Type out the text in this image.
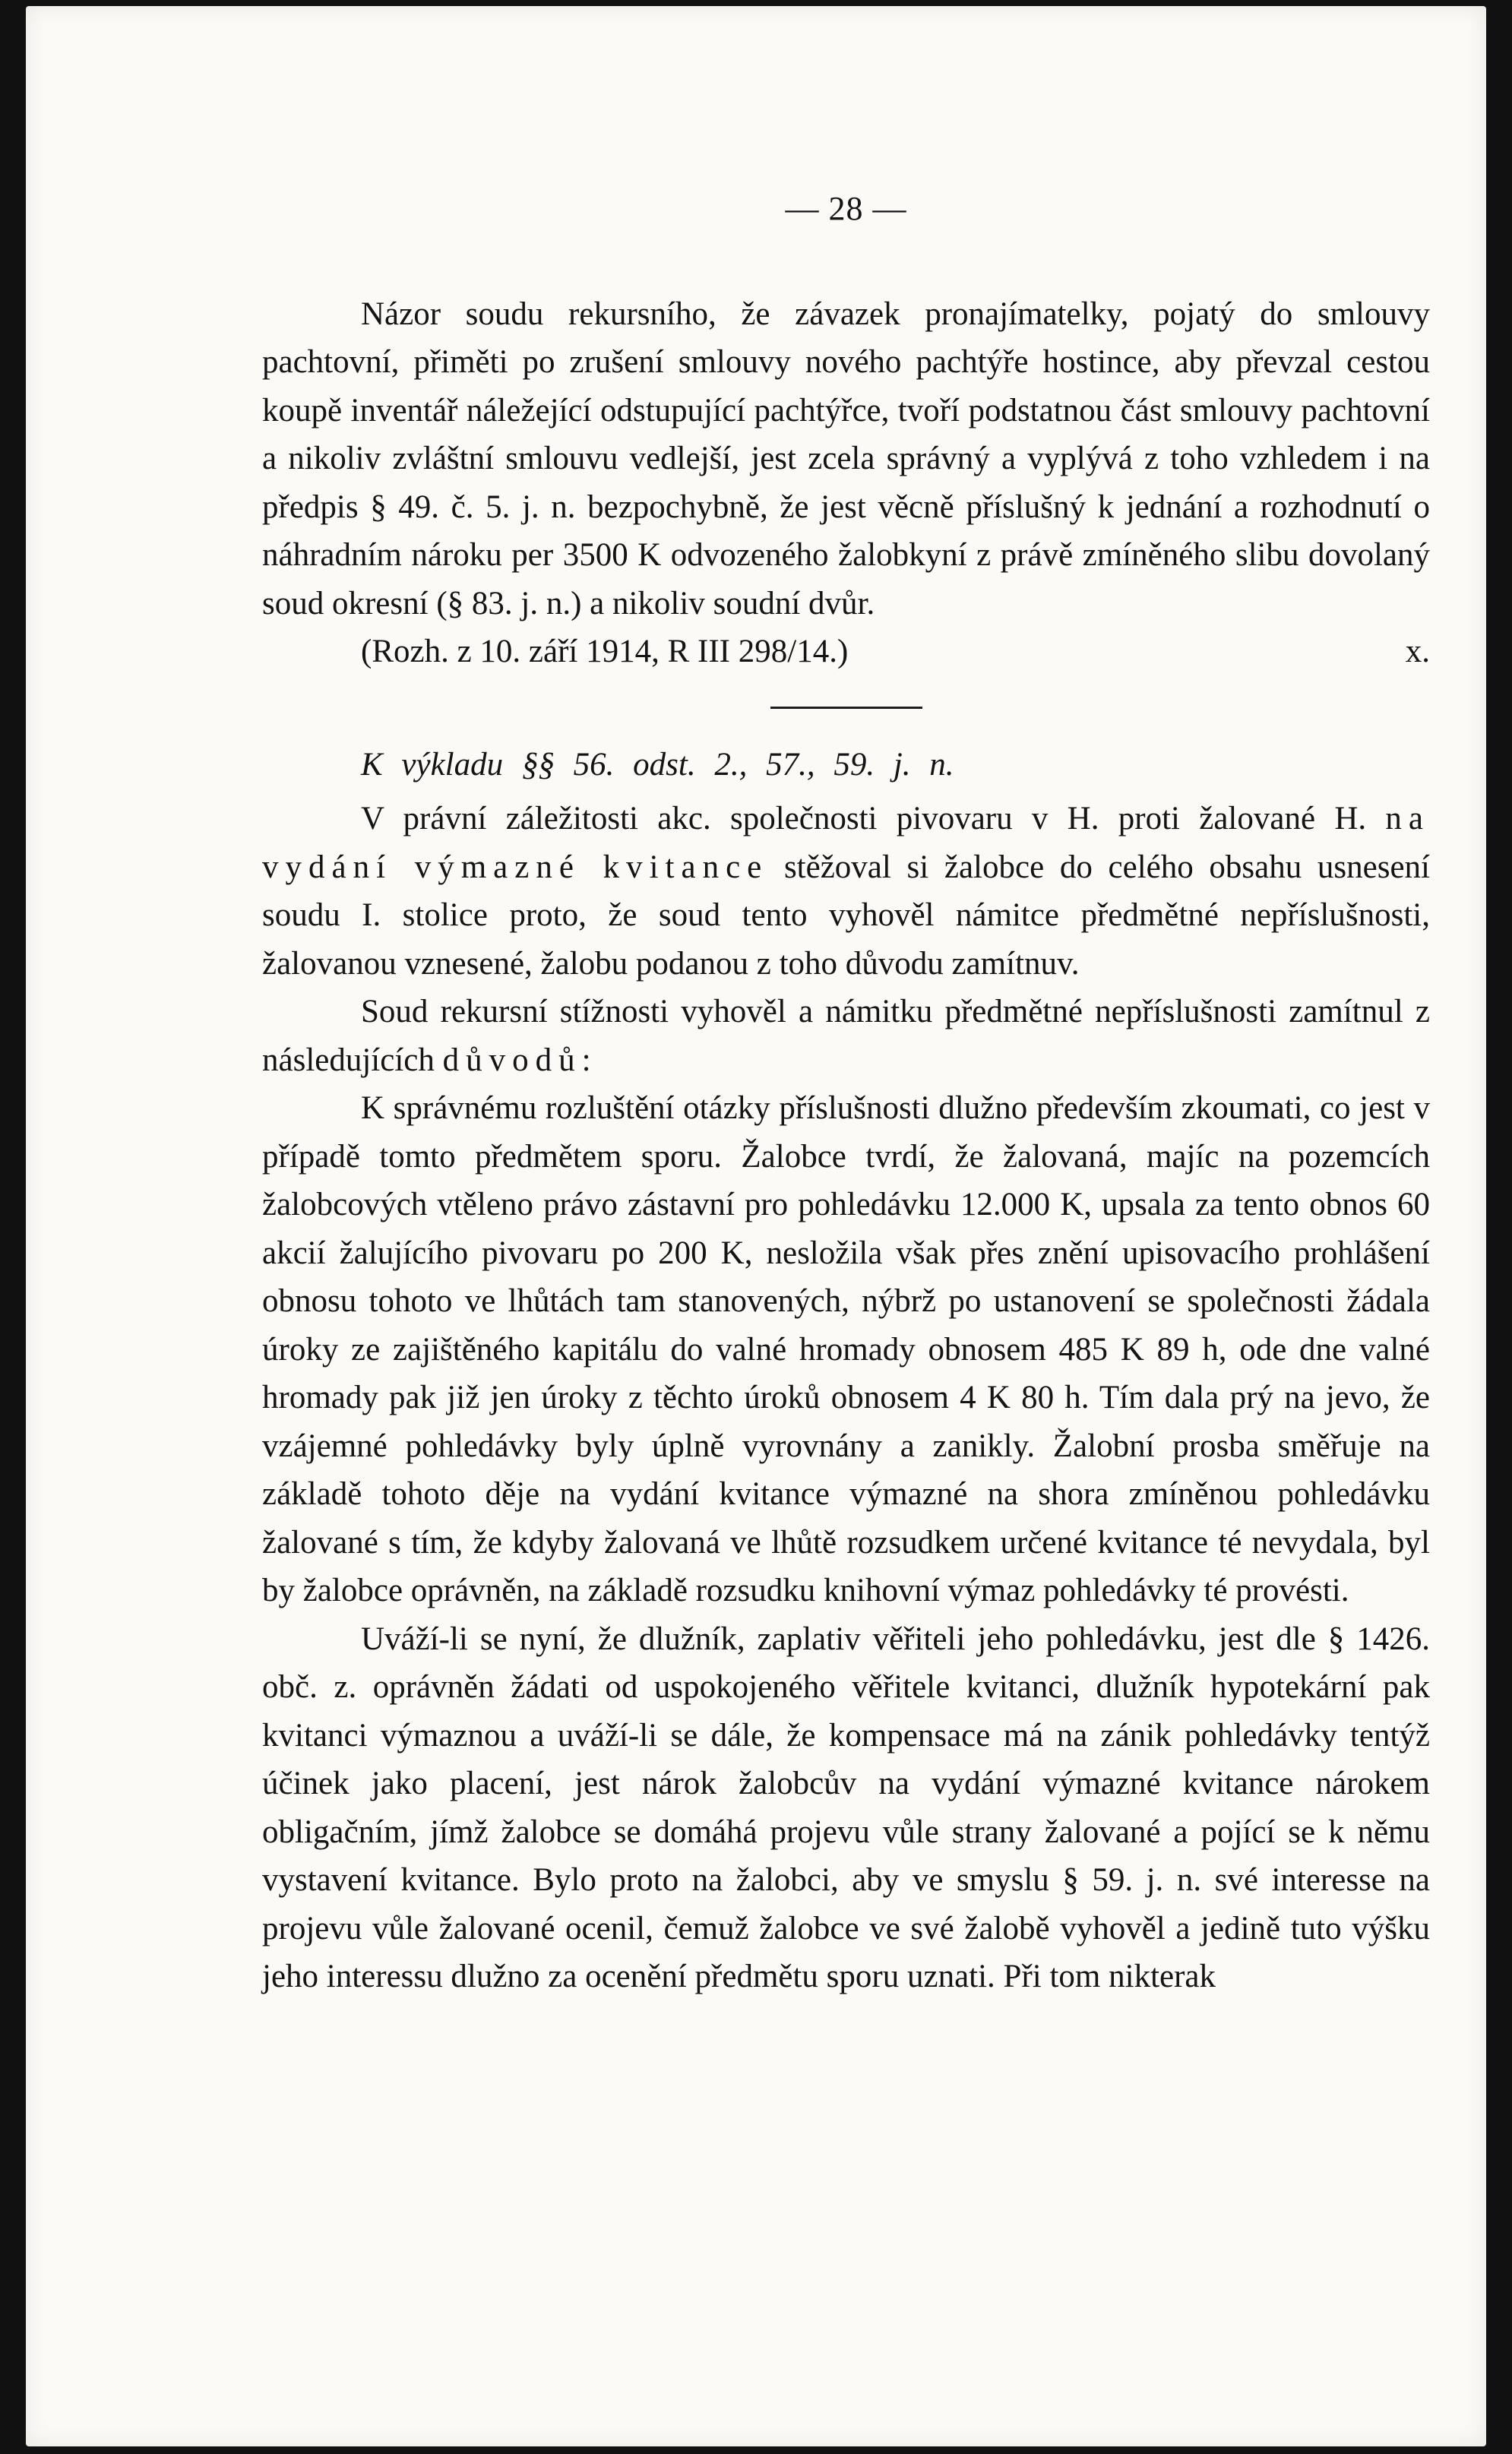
— 28 —

Názor soudu rekursního, že závazek pronajímatelky, pojatý do smlouvy pachtovní, přiměti po zrušení smlouvy nového pachtýře hostince, aby převzal cestou koupě inventář náležející odstupující pachtýřce, tvoří podstatnou část smlouvy pachtovní a nikoliv zvláštní smlouvu vedlejší, jest zcela správný a vyplývá z toho vzhledem i na předpis § 49. č. 5. j. n. bezpochybně, že jest věcně příslušný k jednání a rozhodnutí o náhradním nároku per 3500 K odvozeného žalobkyní z právě zmíněného slibu dovolaný soud okresní (§ 83. j. n.) a nikoliv soudní dvůr.

(Rozh. z 10. září 1914, R III 298/14.)	x.
K výkladu §§ 56. odst. 2., 57., 59. j. n.

V právní záležitosti akc. společnosti pivovaru v H. proti žalované H. na vydání výmazné kvitance stěžoval si žalobce do celého obsahu usnesení soudu I. stolice proto, že soud tento vyhověl námitce předmětné nepříslušnosti, žalovanou vznesené, žalobu podanou z toho důvodu zamítnuv.

Soud rekursní stížnosti vyhověl a námitku předmětné nepříslušnosti zamítnul z následujících důvodů:

K správnému rozluštění otázky příslušnosti dlužno především zkoumati, co jest v případě tomto předmětem sporu. Žalobce tvrdí, že žalovaná, majíc na pozemcích žalobcových vtěleno právo zástavní pro pohledávku 12.000 K, upsala za tento obnos 60 akcií žalujícího pivovaru po 200 K, nesložila však přes znění upisovacího prohlášení obnosu tohoto ve lhůtách tam stanovených, nýbrž po ustanovení se společnosti žádala úroky ze zajištěného kapitálu do valné hromady obnosem 485 K 89 h, ode dne valné hromady pak již jen úroky z těchto úroků obnosem 4 K 80 h. Tím dala prý na jevo, že vzájemné pohledávky byly úplně vyrovnány a zanikly. Žalobní prosba směřuje na základě tohoto děje na vydání kvitance výmazné na shora zmíněnou pohledávku žalované s tím, že kdyby žalovaná ve lhůtě rozsudkem určené kvitance té nevydala, byl by žalobce oprávněn, na základě rozsudku knihovní výmaz pohledávky té provésti.

Uváží-li se nyní, že dlužník, zaplativ věřiteli jeho pohledávku, jest dle § 1426. obč. z. oprávněn žádati od uspokojeného věřitele kvitanci, dlužník hypotekární pak kvitanci výmaznou a uváží-li se dále, že kompensace má na zánik pohledávky tentýž účinek jako placení, jest nárok žalobcův na vydání výmazné kvitance nárokem obligačním, jímž žalobce se domáhá projevu vůle strany žalované a pojící se k němu vystavení kvitance. Bylo proto na žalobci, aby ve smyslu § 59. j. n. své interesse na projevu vůle žalované ocenil, čemuž žalobce ve své žalobě vyhověl a jedině tuto výšku jeho interessu dlužno za ocenění předmětu sporu uznati. Při tom nikterak
